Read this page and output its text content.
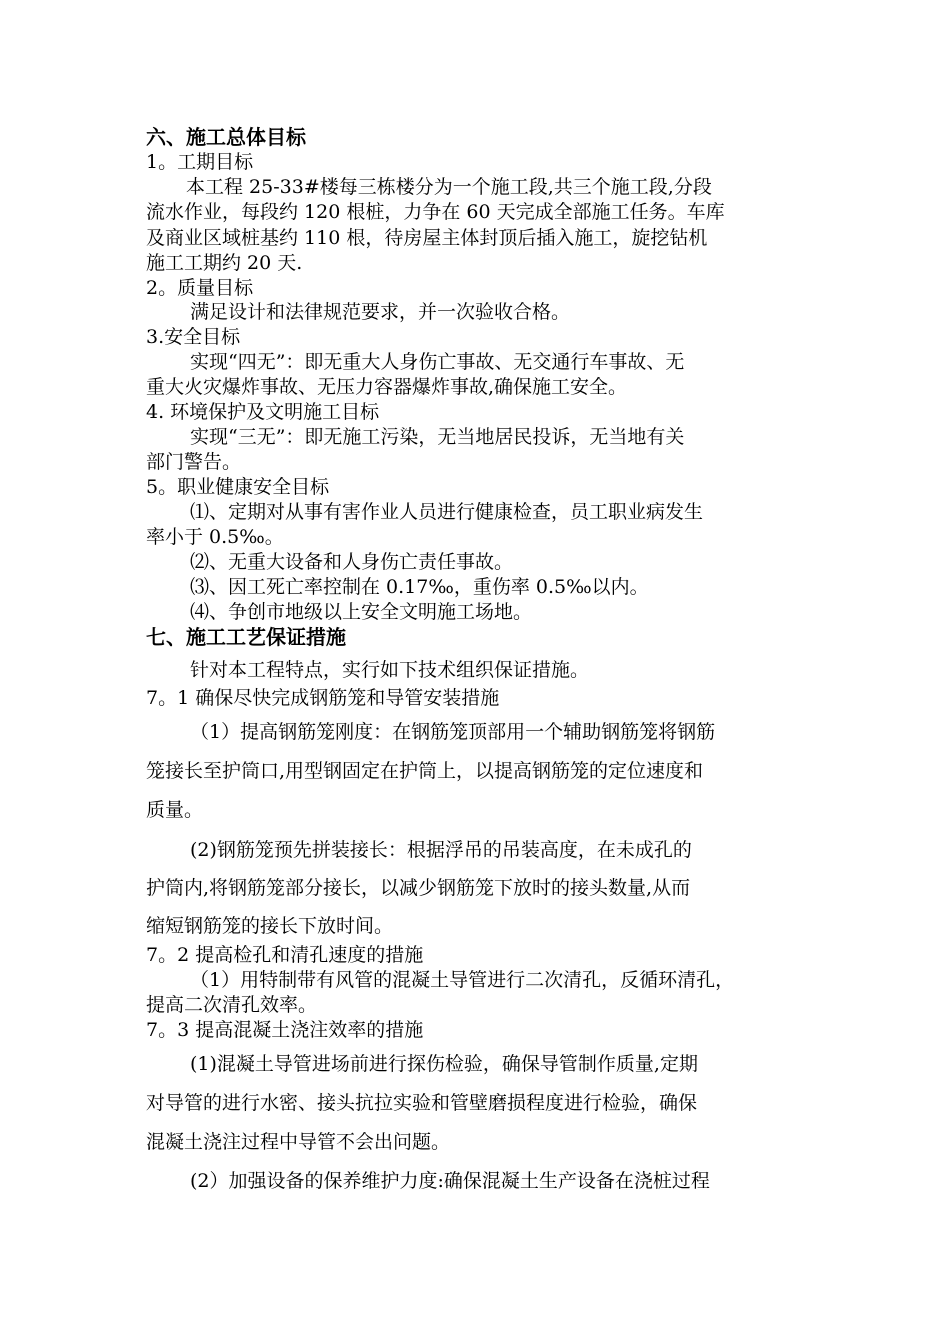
六、施工总体目标
1。工期目标
本工程 25-33#楼每三栋楼分为一个施工段,共三个施工段,分段
流水作业，每段约 120 根桩，力争在 60 天完成全部施工任务。车库
及商业区域桩基约 110 根，待房屋主体封顶后插入施工，旋挖钻机
施工工期约 20 天.
2。质量目标
满足设计和法律规范要求，并一次验收合格。
3.安全目标
实现“四无”：即无重大人身伤亡事故、无交通行车事故、无
重大火灾爆炸事故、无压力容器爆炸事故,确保施工安全。
4. 环境保护及文明施工目标
实现“三无”：即无施工污染，无当地居民投诉，无当地有关
部门警告。
5。职业健康安全目标
⑴、定期对从事有害作业人员进行健康检查，员工职业病发生
率小于 0.5‰。
⑵、无重大设备和人身伤亡责任事故。
⑶、因工死亡率控制在 0.17‰，重伤率 0.5‰以内。
⑷、争创市地级以上安全文明施工场地。
七、施工工艺保证措施
针对本工程特点，实行如下技术组织保证措施。
7。1 确保尽快完成钢筋笼和导管安装措施
（1）提高钢筋笼刚度：在钢筋笼顶部用一个辅助钢筋笼将钢筋
笼接长至护筒口,用型钢固定在护筒上，以提高钢筋笼的定位速度和
质量。
(2)钢筋笼预先拼装接长：根据浮吊的吊装高度，在未成孔的
护筒内,将钢筋笼部分接长，以减少钢筋笼下放时的接头数量,从而
缩短钢筋笼的接长下放时间。
7。2 提高检孔和清孔速度的措施
（1）用特制带有风管的混凝土导管进行二次清孔，反循环清孔，
提高二次清孔效率。
7。3 提高混凝土浇注效率的措施
(1)混凝土导管进场前进行探伤检验，确保导管制作质量,定期
对导管的进行水密、接头抗拉实验和管壁磨损程度进行检验，确保
混凝土浇注过程中导管不会出问题。
(2）加强设备的保养维护力度:确保混凝土生产设备在浇桩过程
